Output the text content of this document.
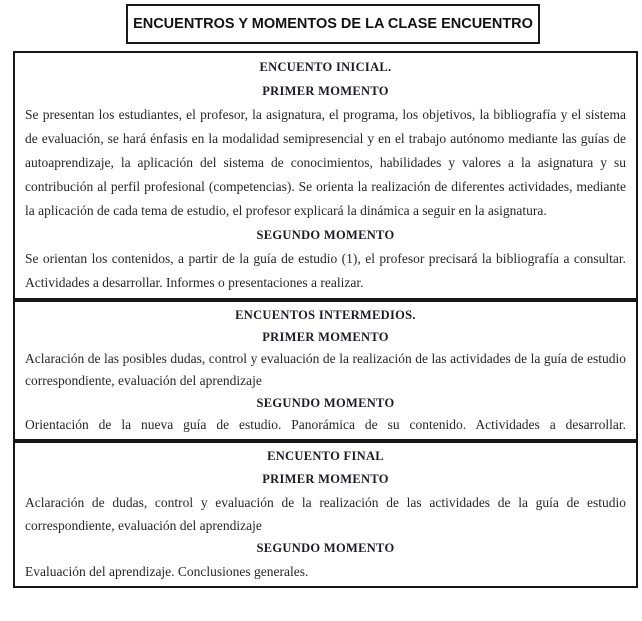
ENCUENTROS Y MOMENTOS DE LA CLASE ENCUENTRO
ENCUENTO INICIAL.
PRIMER MOMENTO

Se presentan los estudiantes, el profesor, la asignatura, el programa, los objetivos, la bibliografía y el sistema de evaluación, se hará énfasis en la modalidad semipresencial y en el trabajo autónomo mediante las guías de autoaprendizaje, la aplicación del sistema de conocimientos, habilidades y valores a la asignatura y su contribución al perfil profesional (competencias). Se orienta la realización de diferentes actividades, mediante la aplicación de cada tema de estudio, el profesor explicará la dinámica a seguir en la asignatura.

SEGUNDO MOMENTO

Se orientan los contenidos, a partir de la guía de estudio (1), el profesor precisará la bibliografía a consultar. Actividades a desarrollar. Informes o presentaciones a realizar.

ENCUENTOS INTERMEDIOS.
PRIMER MOMENTO

Aclaración de las posibles dudas, control y evaluación de la realización de las actividades de la guía de estudio correspondiente, evaluación del aprendizaje

SEGUNDO MOMENTO

Orientación de la nueva guía de estudio. Panorámica de su contenido. Actividades a desarrollar.

ENCUENTO FINAL
PRIMER MOMENTO

Aclaración de dudas, control y evaluación de la realización de las actividades de la guía de estudio correspondiente, evaluación del aprendizaje

SEGUNDO MOMENTO

Evaluación del aprendizaje. Conclusiones generales.
